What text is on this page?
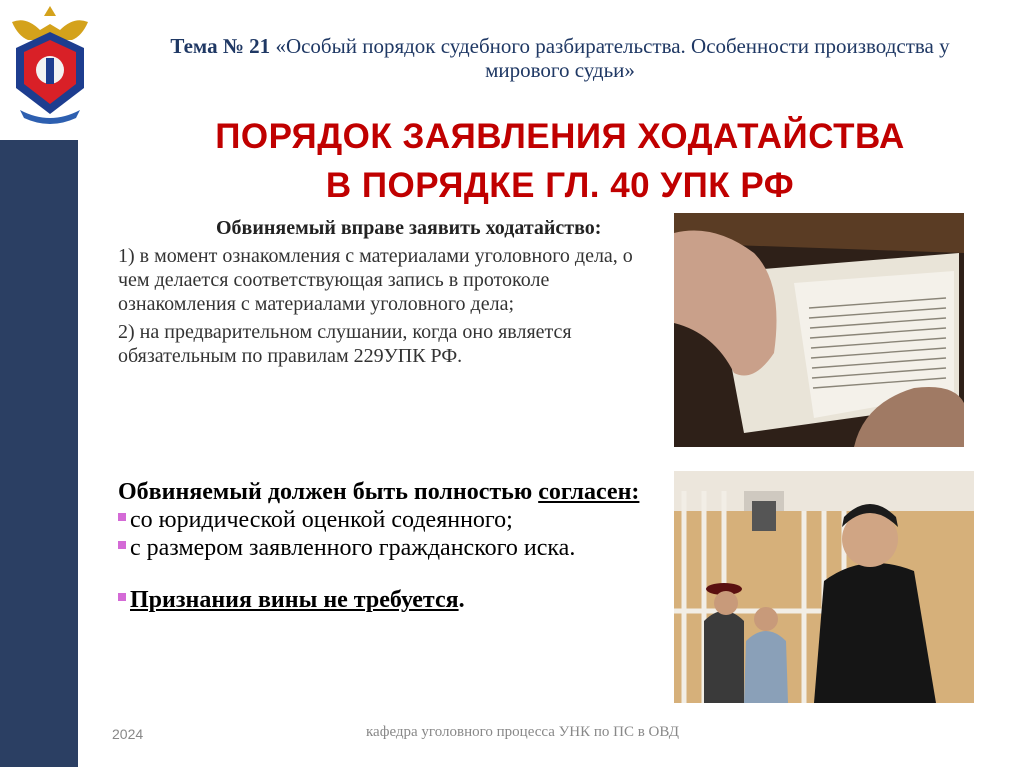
Тема № 21 «Особый порядок судебного разбирательства. Особенности производства у мирового судьи»
ПОРЯДОК ЗАЯВЛЕНИЯ ХОДАТАЙСТВА
В ПОРЯДКЕ ГЛ. 40 УПК РФ
Обвиняемый вправе заявить ходатайство:
1) в момент ознакомления с материалами уголовного дела, о чем делается соответствующая запись в протоколе ознакомления с материалами уголовного дела;
2) на предварительном слушании, когда оно является обязательным по правилам 229УПК РФ.
Обвиняемый должен быть полностью согласен:
со юридической оценкой содеянного;
с размером заявленного гражданского иска.
Признания вины не требуется.
2024	кафедра уголовного процесса УНК по ПС в ОВД
